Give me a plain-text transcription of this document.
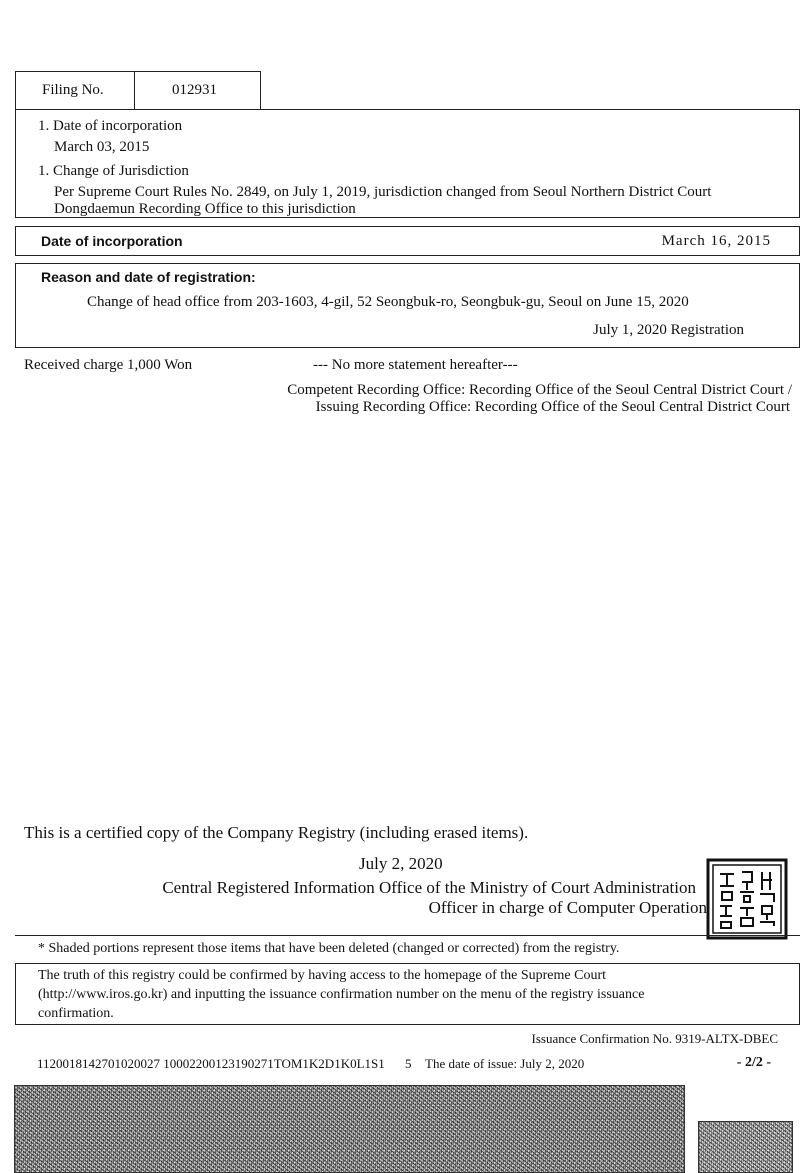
Filing No.	012931
1. Date of incorporation
March 03, 2015
1. Change of Jurisdiction
Per Supreme Court Rules No. 2849, on July 1, 2019, jurisdiction changed from Seoul Northern District Court
Dongdaemun Recording Office to this jurisdiction
Date of incorporation	March 16, 2015
Reason and date of registration:
Change of head office from 203-1603, 4-gil, 52 Seongbuk-ro, Seongbuk-gu, Seoul on June 15, 2020
July 1, 2020 Registration
Received charge 1,000 Won	--- No more statement hereafter---
Competent Recording Office: Recording Office of the Seoul Central District Court /
Issuing Recording Office: Recording Office of the Seoul Central District Court
This is a certified copy of the Company Registry (including erased items).
July 2, 2020
Central Registered Information Office of the Ministry of Court Administration
Officer in charge of Computer Operation
* Shaded portions represent those items that have been deleted (changed or corrected) from the registry.
The truth of this registry could be confirmed by having access to the homepage of the Supreme Court
(http://www.iros.go.kr) and inputting the issuance confirmation number on the menu of the registry issuance
confirmation.
Issuance Confirmation No. 9319-ALTX-DBEC
1120018142701020027 10002200123190271TOM1K2D1K0L1S1 5 The date of issue: July 2, 2020	- 2/2 -
